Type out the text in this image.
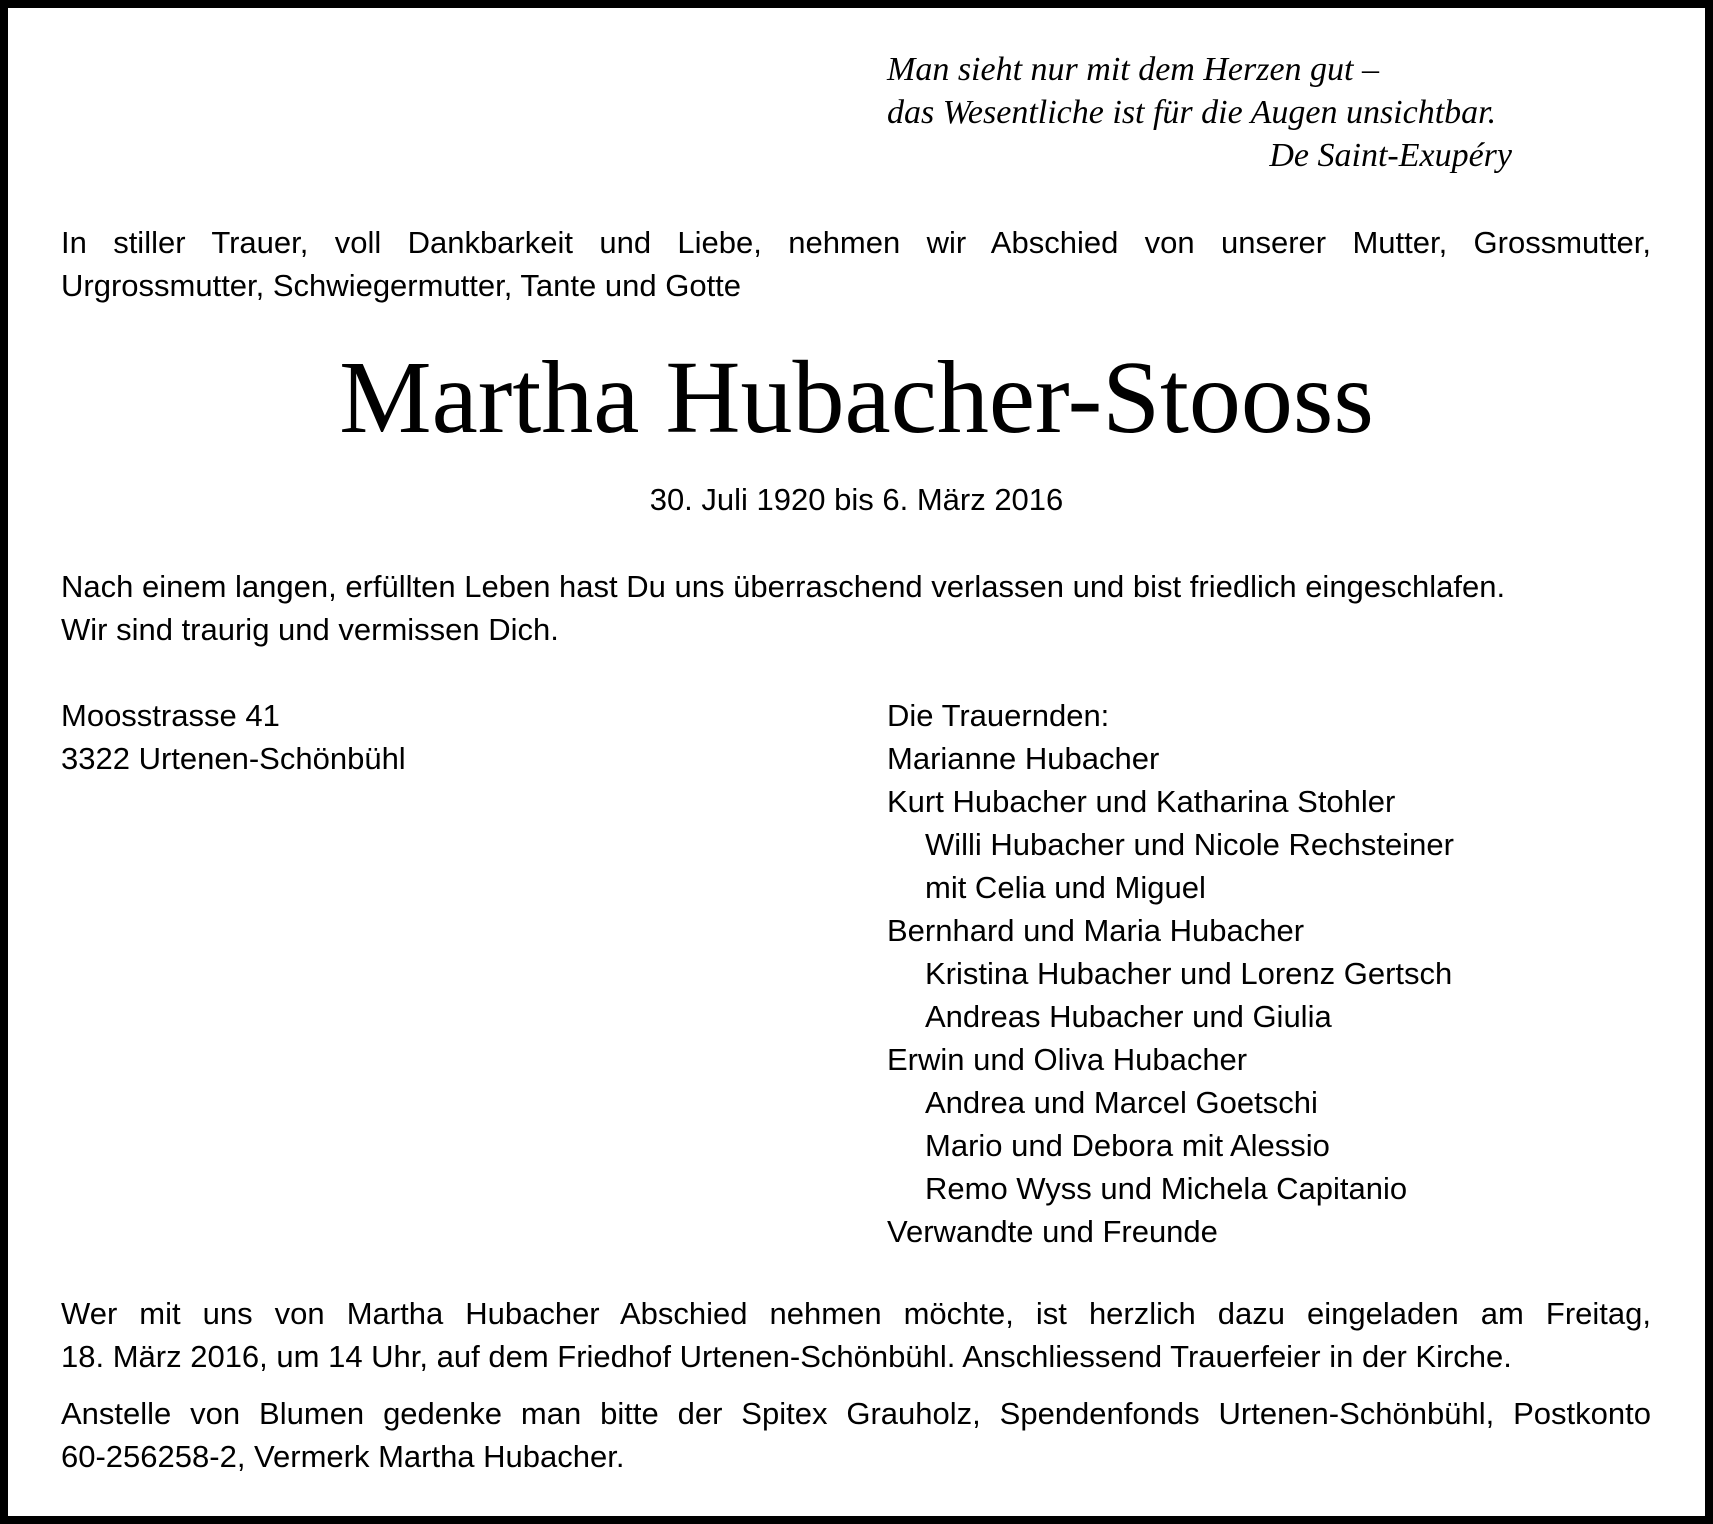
Man sieht nur mit dem Herzen gut –
das Wesentliche ist für die Augen unsichtbar.
De Saint-Exupéry
In stiller Trauer, voll Dankbarkeit und Liebe, nehmen wir Abschied von unserer Mutter, Grossmutter,
Urgrossmutter, Schwiegermutter, Tante und Gotte
Martha Hubacher-Stooss
30. Juli 1920 bis 6. März 2016
Nach einem langen, erfüllten Leben hast Du uns überraschend verlassen und bist friedlich eingeschlafen.
Wir sind traurig und vermissen Dich.
Moosstrasse 41
3322 Urtenen-Schönbühl
Die Trauernden:
Marianne Hubacher
Kurt Hubacher und Katharina Stohler
Willi Hubacher und Nicole Rechsteiner
mit Celia und Miguel
Bernhard und Maria Hubacher
Kristina Hubacher und Lorenz Gertsch
Andreas Hubacher und Giulia
Erwin und Oliva Hubacher
Andrea und Marcel Goetschi
Mario und Debora mit Alessio
Remo Wyss und Michela Capitanio
Verwandte und Freunde
Wer mit uns von Martha Hubacher Abschied nehmen möchte, ist herzlich dazu eingeladen am Freitag,
18. März 2016, um 14 Uhr, auf dem Friedhof Urtenen-Schönbühl. Anschliessend Trauerfeier in der Kirche.
Anstelle von Blumen gedenke man bitte der Spitex Grauholz, Spendenfonds Urtenen-Schönbühl, Postkonto
60-256258-2, Vermerk Martha Hubacher.
